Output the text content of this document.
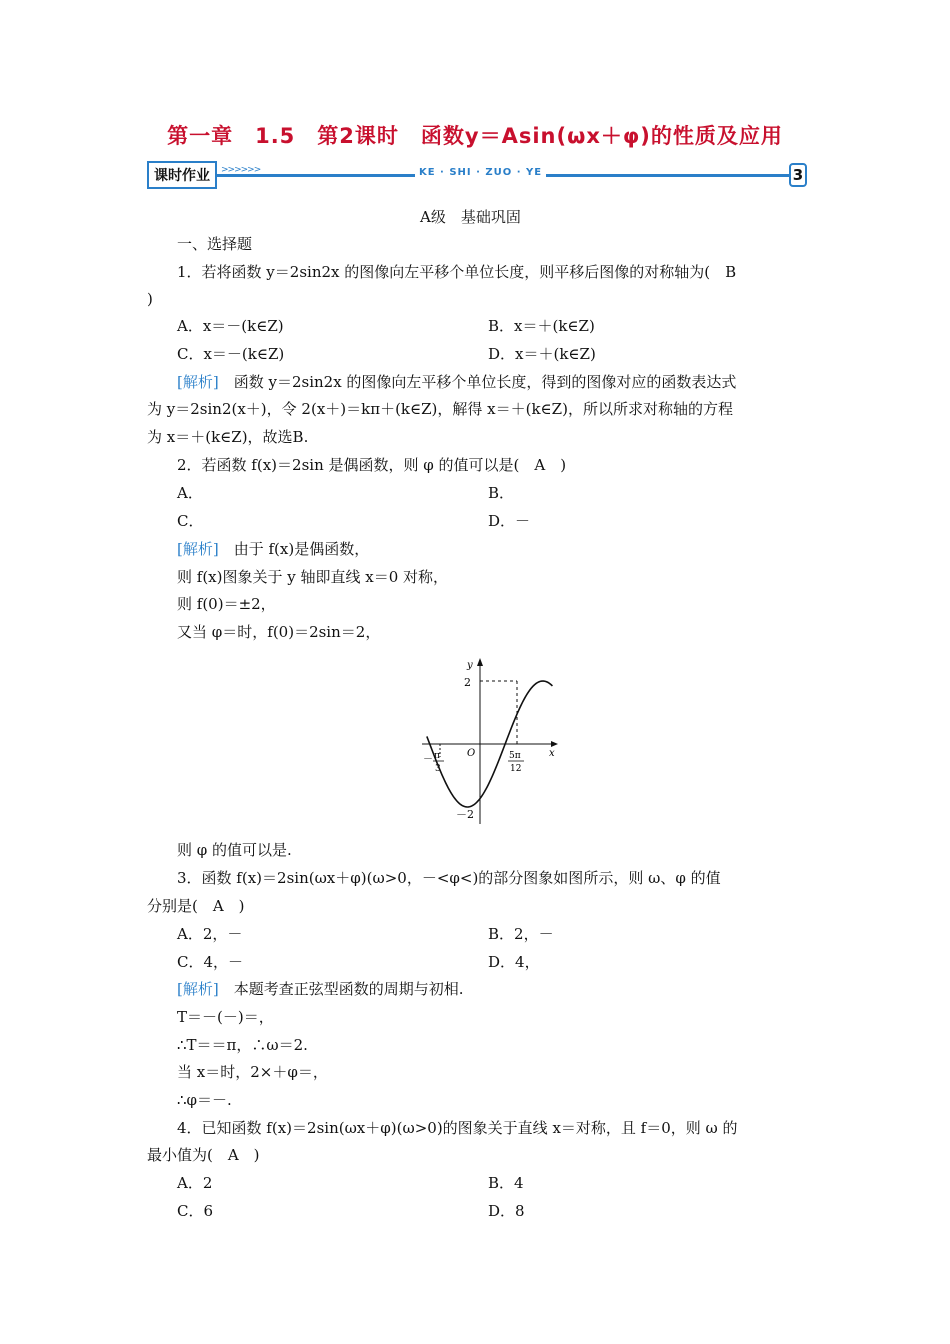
第一章　1.5　第2课时　函数y＝Asin(ωx＋φ)的性质及应用
课时作业	>>>>>>	KE · SHI · ZUO · YE	3
A级　基础巩固
一、选择题
1．若将函数 y＝2sin2x 的图像向左平移个单位长度，则平移后图像的对称轴为(　B
)
A．x＝－(k∈Z)	B．x＝＋(k∈Z)
C．x＝－(k∈Z)	D．x＝＋(k∈Z)
[解析]　函数 y＝2sin2x 的图像向左平移个单位长度，得到的图像对应的函数表达式
为 y＝2sin2(x＋)，令 2(x＋)＝kπ＋(k∈Z)，解得 x＝＋(k∈Z)，所以所求对称轴的方程
为 x＝＋(k∈Z)，故选B.
2．若函数 f(x)＝2sin 是偶函数，则 φ 的值可以是(　A　)
A．	B．
C．	D．－
[解析]　由于 f(x)是偶函数，
则 f(x)图象关于 y 轴即直线 x＝0 对称，
则 f(0)＝±2，
又当 φ＝时，f(0)＝2sin＝2，
y
x
O
2
－2
－ π
3
5π
12
则 φ 的值可以是.
3．函数 f(x)＝2sin(ωx＋φ)(ω>0，－<φ<)的部分图象如图所示，则 ω、φ 的值
分别是(　A　)
A．2，－	B．2，－
C．4，－	D．4，
[解析]　本题考查正弦型函数的周期与初相.
T＝－(－)＝，
∴T＝＝π，∴ω＝2.
当 x＝时，2×＋φ＝，
∴φ＝－.
4．已知函数 f(x)＝2sin(ωx＋φ)(ω>0)的图象关于直线 x＝对称，且 f＝0，则 ω 的
最小值为(　A　)
A．2	B．4
C．6	D．8
